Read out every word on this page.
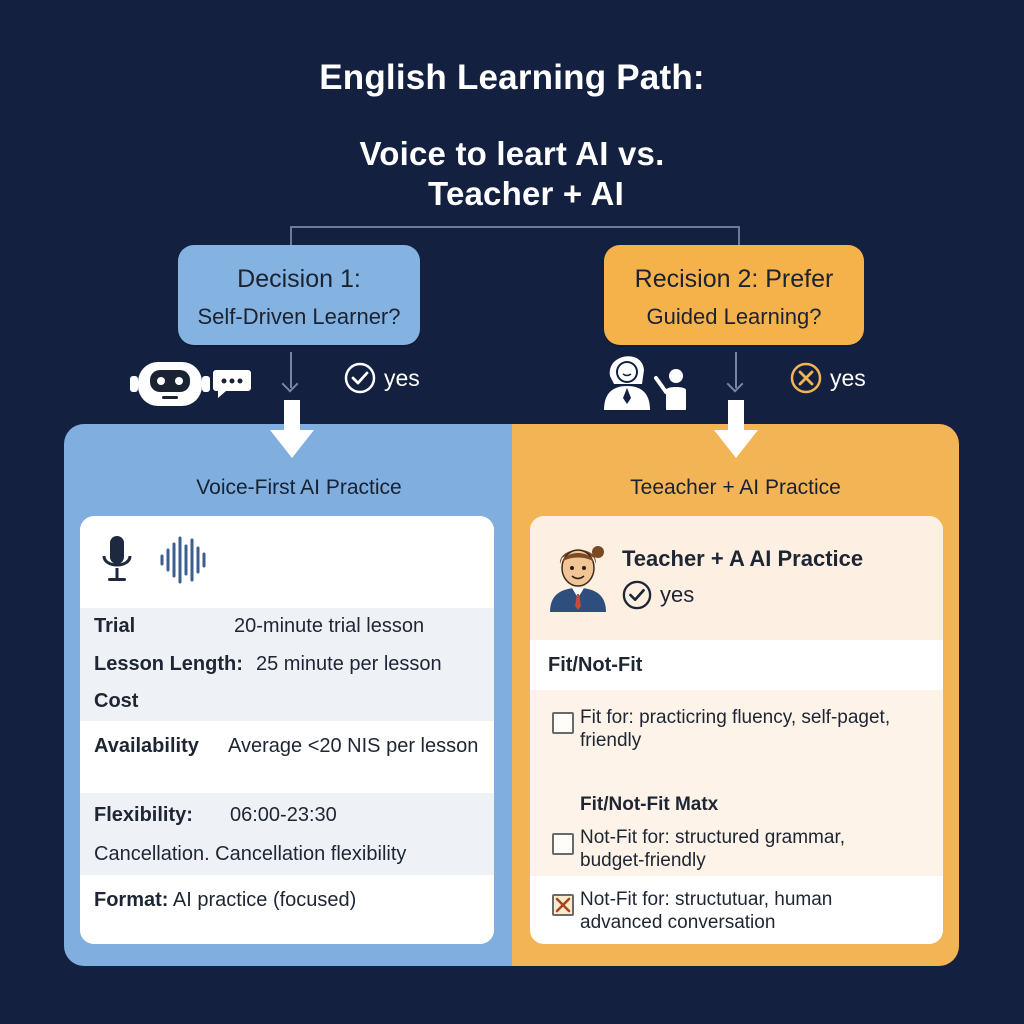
English Learning Path:
Voice to leart AI vs.
Teacher + AI
Decision 1:
Self-Driven Learner?
Recision 2: Prefer
Guided Learning?
yes	yes
Voice-First AI Practice	Teeacher + AI Practice
Trial	20-minute trial lesson
Lesson Length: 25 minute per lesson
Cost
Availability Average <20 NIS per lesson
Flexibility: 06:00-23:30
Cancellation. Cancellation flexibility
Format: AI practice (focused)
Teacher + A AI Practice
yes
Fit/Not-Fit
Fit for: practicring fluency, self-paget,
friendly
Fit/Not-Fit Matx
Not-Fit for: structured grammar,
budget-friendly
Not-Fit for: structutuar, human
advanced conversation
